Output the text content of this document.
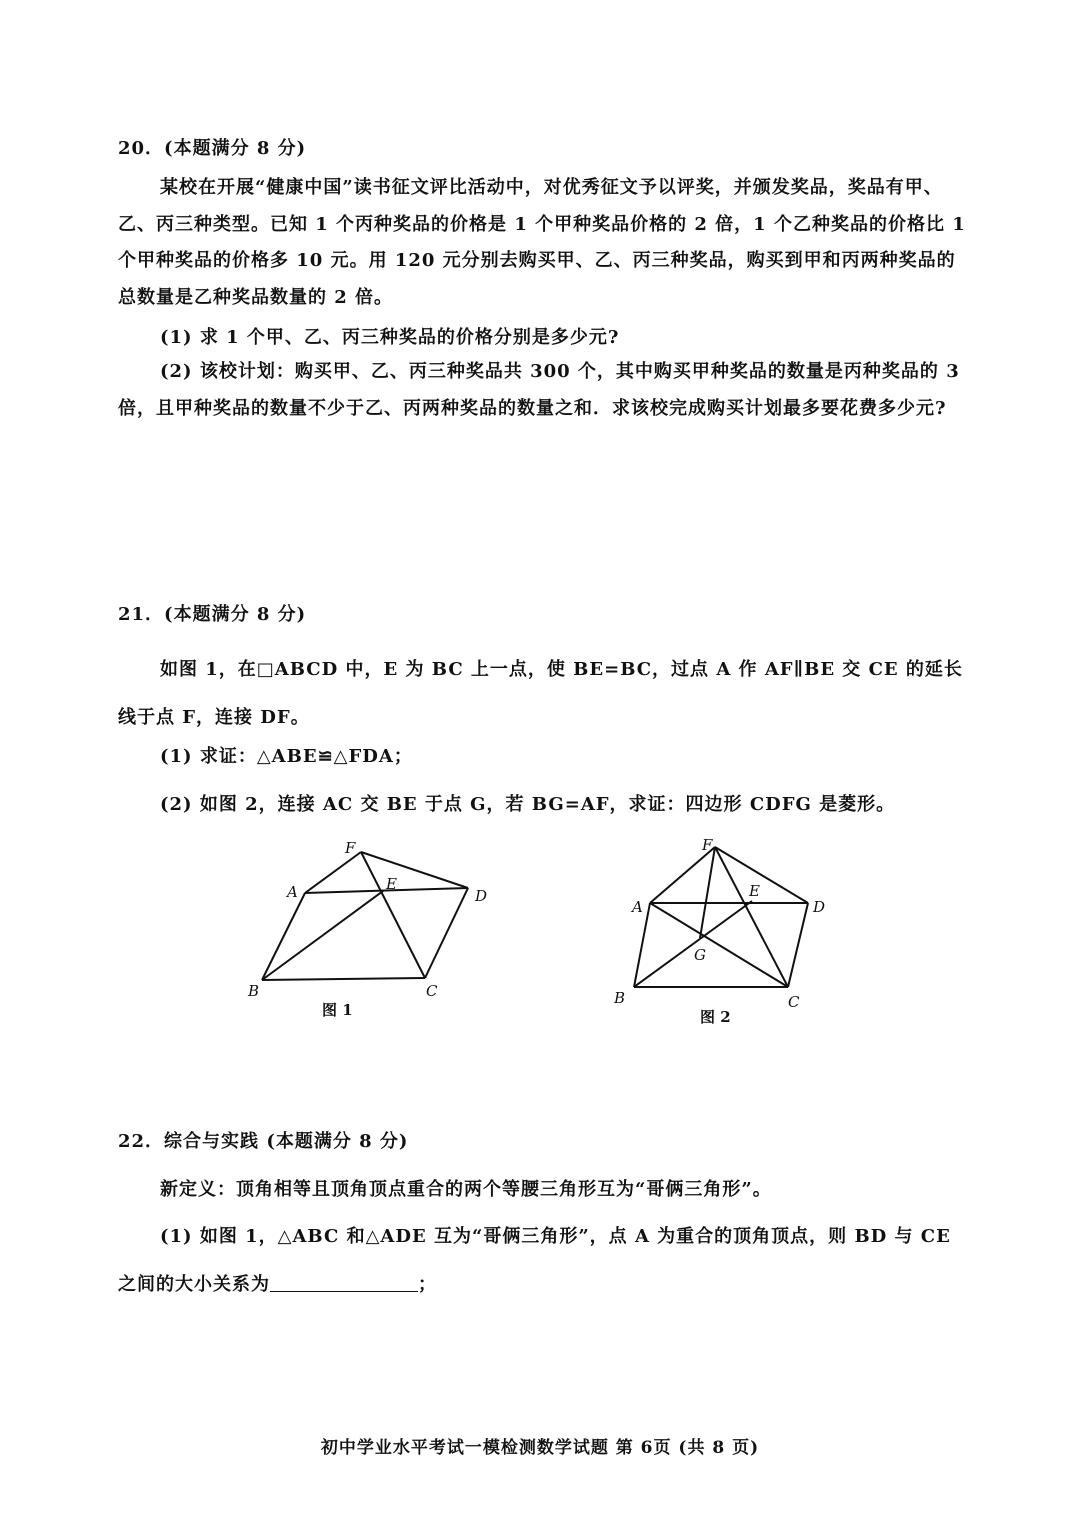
20．(本题满分 8 分)
某校在开展“健康中国”读书征文评比活动中，对优秀征文予以评奖，并颁发奖品，奖品有甲、乙、丙三种类型。已知 1 个丙种奖品的价格是 1 个甲种奖品价格的 2 倍，1 个乙种奖品的价格比 1 个甲种奖品的价格多 10 元。用 120 元分别去购买甲、乙、丙三种奖品，购买到甲和丙两种奖品的总数量是乙种奖品数量的 2 倍。
(1) 求 1 个甲、乙、丙三种奖品的价格分别是多少元?
(2) 该校计划：购买甲、乙、丙三种奖品共 300 个，其中购买甲种奖品的数量是丙种奖品的 3 倍，且甲种奖品的数量不少于乙、丙两种奖品的数量之和．求该校完成购买计划最多要花费多少元?
21．(本题满分 8 分)
如图 1，在□ABCD 中，E 为 BC 上一点，使 BE=BC，过点 A 作 AF∥BE 交 CE 的延长线于点 F，连接 DF。
(1) 求证：△ABE≌△FDA；
(2) 如图 2，连接 AC 交 BE 于点 G，若 BG=AF，求证：四边形 CDFG 是菱形。
F
A	E
D
B	C
图 1
F
A
E
D
G
B	C
图 2
22．综合与实践 (本题满分 8 分)
新定义：顶角相等且顶角顶点重合的两个等腰三角形互为“哥俩三角形”。
(1) 如图 1，△ABC 和△ADE 互为“哥俩三角形”，点 A 为重合的顶角顶点，则 BD 与 CE
之间的大小关系为	；
初中学业水平考试一模检测数学试题 第 6页 (共 8 页)
